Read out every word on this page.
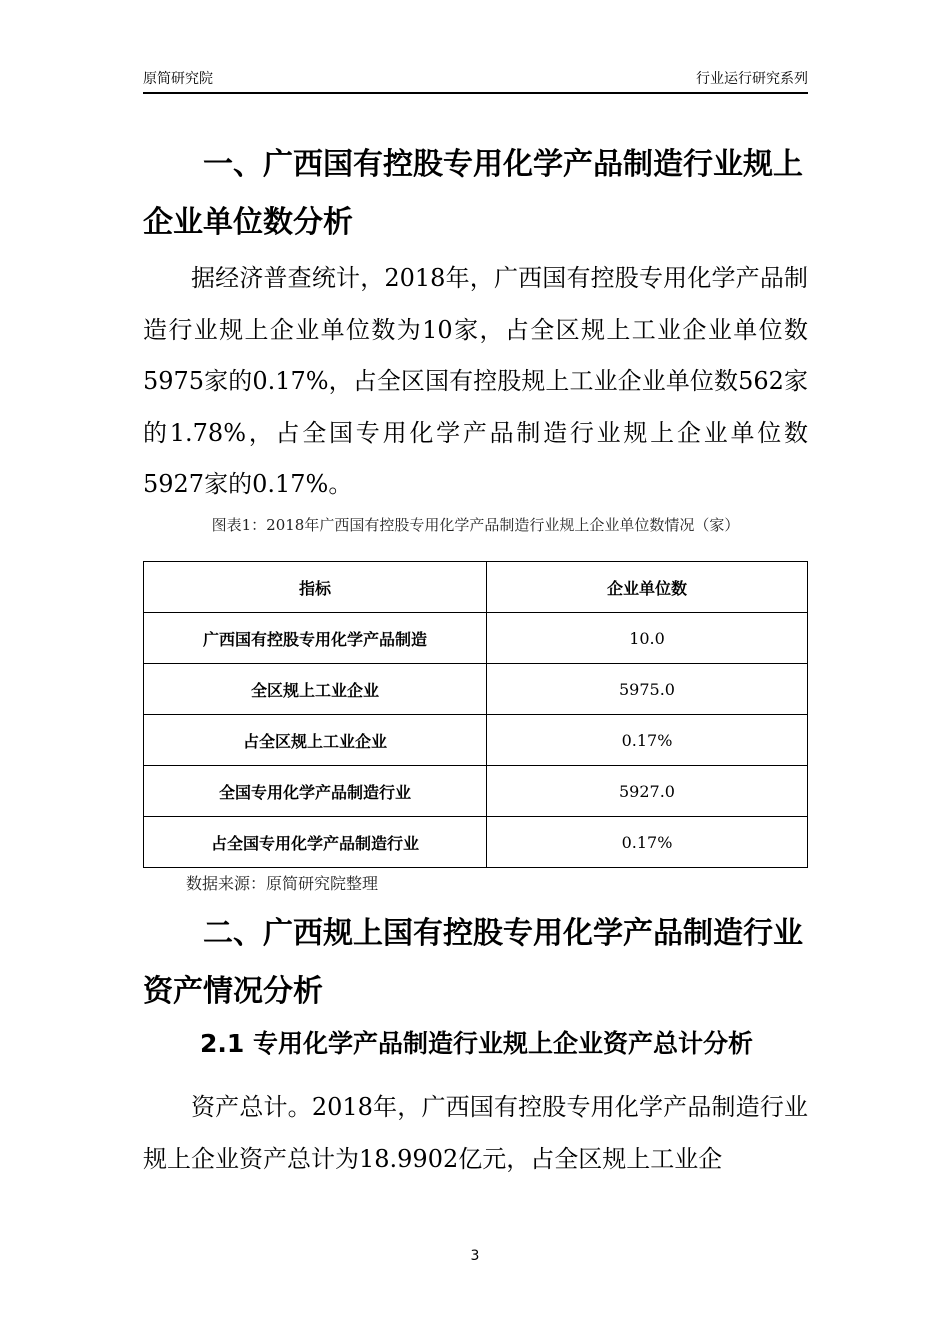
原简研究院	行业运行研究系列
一、广西国有控股专用化学产品制造行业规上企业单位数分析

据经济普查统计，2018年，广西国有控股专用化学产品制造行业规上企业单位数为10家，占全区规上工业企业单位数5975家的0.17%，占全区国有控股规上工业企业单位数562家的1.78%，占全国专用化学产品制造行业规上企业单位数5927家的0.17%。

图表1：2018年广西国有控股专用化学产品制造行业规上企业单位数情况（家）
指标	企业单位数
广西国有控股专用化学产品制造	10.0
全区规上工业企业	5975.0
占全区规上工业企业	0.17%
全国专用化学产品制造行业	5927.0
占全国专用化学产品制造行业	0.17%
数据来源：原简研究院整理
二、广西规上国有控股专用化学产品制造行业资产情况分析
2.1 专用化学产品制造行业规上企业资产总计分析

资产总计。2018年，广西国有控股专用化学产品制造行业规上企业资产总计为18.9902亿元，占全区规上工业企

3
